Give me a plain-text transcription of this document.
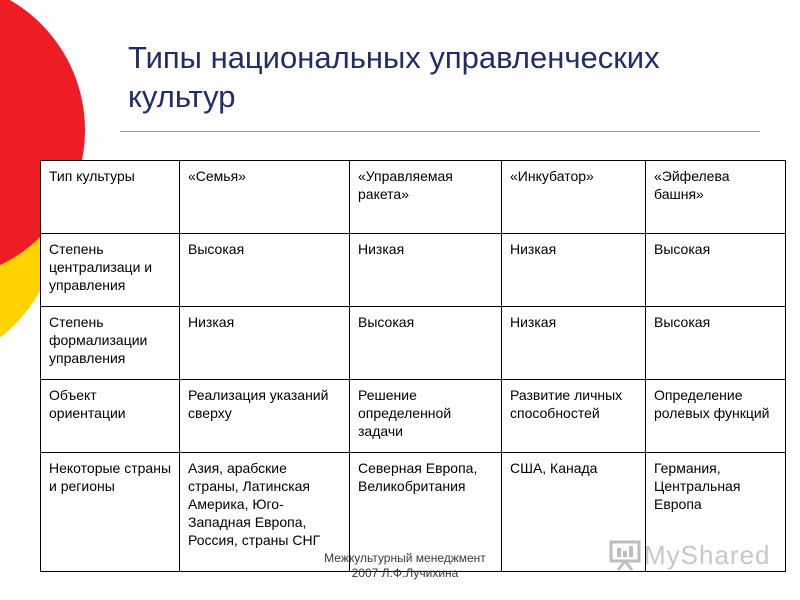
Типы национальных управленческих культур
Тип культуры	«Семья»	«Управляемая ракета»	«Инкубатор»	«Эйфелева башня»
Степень централизаци и управления	Высокая	Низкая	Низкая	Высокая
Степень формализации управления	Низкая	Высокая	Низкая	Высокая
Объект ориентации	Реализация указаний сверху	Решение определенной задачи	Развитие личных способностей	Определение ролевых функций
Некоторые страны и регионы	Азия, арабские страны, Латинская Америка, Юго-Западная Европа, Россия, страны СНГ	Северная Европа, Великобритания	США, Канада	Германия, Центральная Европа
Межкультурный менеджмент
2007 Л.Ф.Лучихина
MyShared
